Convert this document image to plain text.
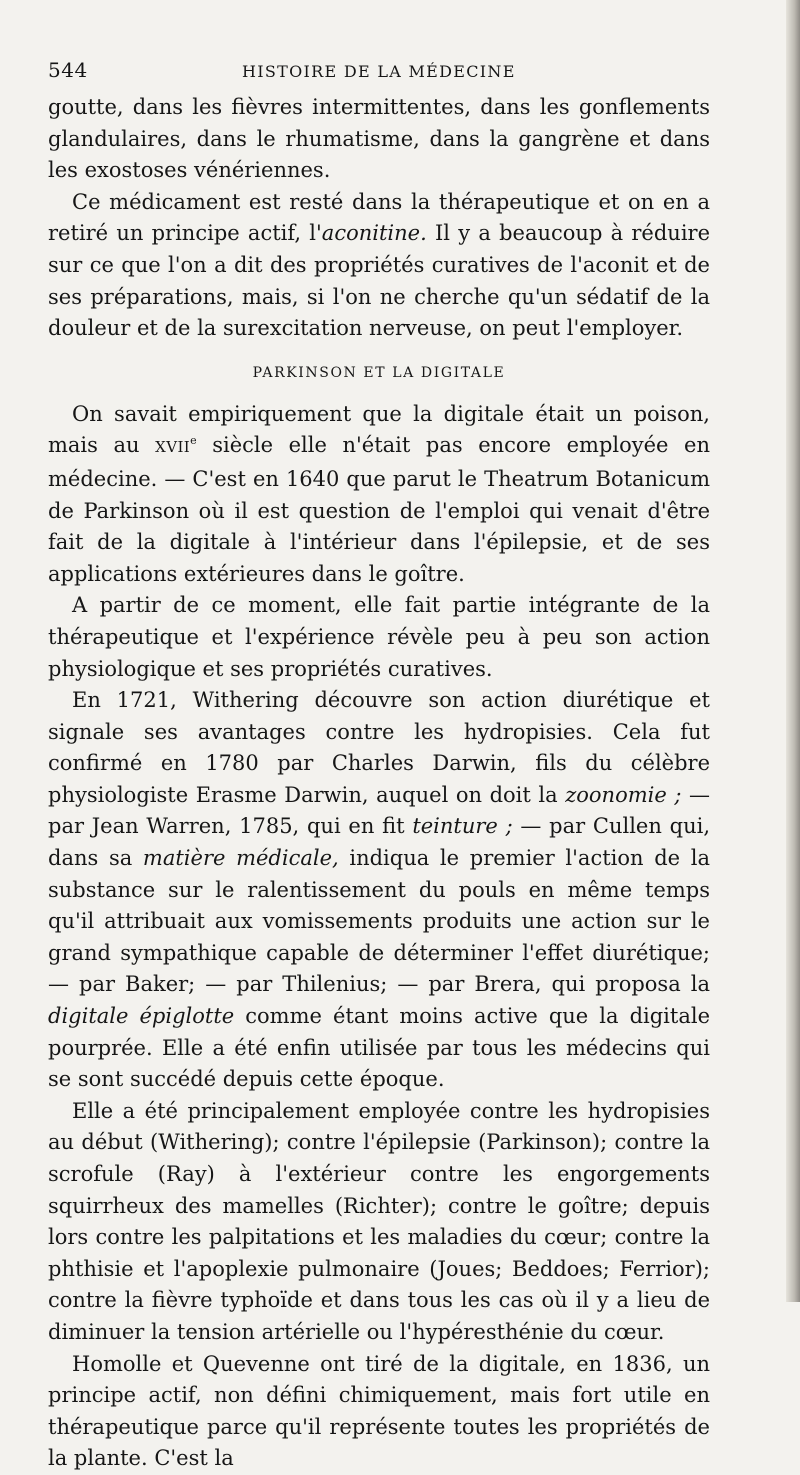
544	HISTOIRE DE LA MÉDECINE

goutte, dans les fièvres intermittentes, dans les gonflements glandulaires, dans le rhumatisme, dans la gangrène et dans les exostoses vénériennes.

Ce médicament est resté dans la thérapeutique et on en a retiré un principe actif, l'aconitine. Il y a beaucoup à réduire sur ce que l'on a dit des propriétés curatives de l'aconit et de ses préparations, mais, si l'on ne cherche qu'un sédatif de la douleur et de la surexcitation nerveuse, on peut l'employer.

PARKINSON ET LA DIGITALE

On savait empiriquement que la digitale était un poison, mais au XVIIe siècle elle n'était pas encore employée en médecine. — C'est en 1640 que parut le Theatrum Botanicum de Parkinson où il est question de l'emploi qui venait d'être fait de la digitale à l'intérieur dans l'épilepsie, et de ses applications extérieures dans le goître.

A partir de ce moment, elle fait partie intégrante de la thérapeutique et l'expérience révèle peu à peu son action physiologique et ses propriétés curatives.

En 1721, Withering découvre son action diurétique et signale ses avantages contre les hydropisies. Cela fut confirmé en 1780 par Charles Darwin, fils du célèbre physiologiste Erasme Darwin, auquel on doit la zoonomie ; — par Jean Warren, 1785, qui en fit teinture ; — par Cullen qui, dans sa matière médicale, indiqua le premier l'action de la substance sur le ralentissement du pouls en même temps qu'il attribuait aux vomissements produits une action sur le grand sympathique capable de déterminer l'effet diurétique; — par Baker; — par Thilenius; — par Brera, qui proposa la digitale épiglotte comme étant moins active que la digitale pourprée. Elle a été enfin utilisée par tous les médecins qui se sont succédé depuis cette époque.

Elle a été principalement employée contre les hydropisies au début (Withering); contre l'épilepsie (Parkinson); contre la scrofule (Ray) à l'extérieur contre les engorgements squirrheux des mamelles (Richter); contre le goître; depuis lors contre les palpitations et les maladies du cœur; contre la phthisie et l'apoplexie pulmonaire (Joues; Beddoes; Ferrior); contre la fièvre typhoïde et dans tous les cas où il y a lieu de diminuer la tension artérielle ou l'hypéresthénie du cœur.

Homolle et Quevenne ont tiré de la digitale, en 1836, un principe actif, non défini chimiquement, mais fort utile en thérapeutique parce qu'il représente toutes les propriétés de la plante. C'est la
